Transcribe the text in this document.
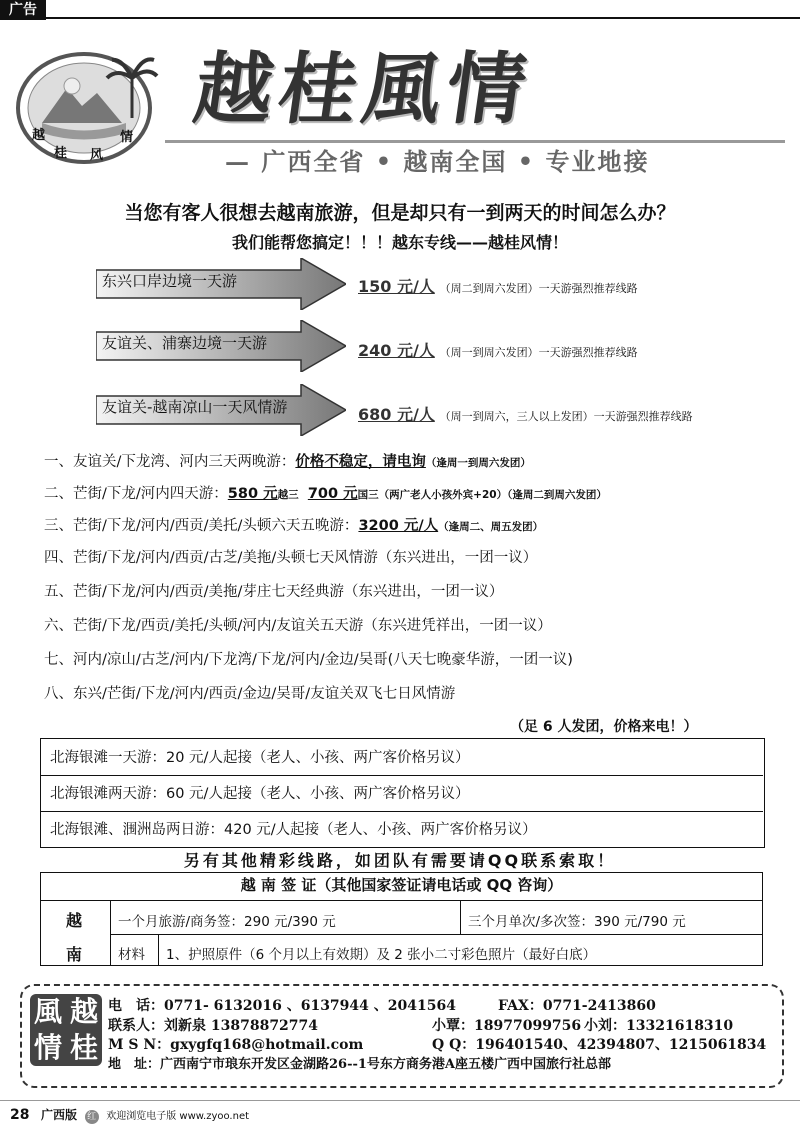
广告
越
桂 风
情
越桂風情
— 广西全省 • 越南全国 • 专业地接
当您有客人很想去越南旅游，但是却只有一到两天的时间怎么办？
我们能帮您搞定！！！越东专线——越桂风情！
东兴口岸边境一天游	150 元/人 （周二到周六发团）一天游强烈推荐线路
友谊关、浦寨边境一天游	240 元/人 （周一到周六发团）一天游强烈推荐线路
友谊关-越南凉山一天风情游	680 元/人 （周一到周六，三人以上发团）一天游强烈推荐线路
一、友谊关/下龙湾、河内三天两晚游：价格不稳定，请电询（逢周一到周六发团）
二、芒街/下龙/河内四天游：580 元越三 700 元国三（两广老人小孩外宾+20）（逢周二到周六发团）
三、芒街/下龙/河内/西贡/美托/头顿六天五晚游：3200 元/人（逢周二、周五发团）
四、芒街/下龙/河内/西贡/古芝/美拖/头顿七天风情游（东兴进出，一团一议）
五、芒街/下龙/河内/西贡/美拖/芽庄七天经典游（东兴进出，一团一议）
六、芒街/下龙/西贡/美托/头顿/河内/友谊关五天游（东兴进凭祥出，一团一议）
七、河内/凉山/古芝/河内/下龙湾/下龙/河内/金边/吴哥(八天七晚豪华游，一团一议)
八、东兴/芒街/下龙/河内/西贡/金边/吴哥/友谊关双飞七日风情游
（足 6 人发团，价格来电！）
北海银滩一天游：20 元/人起接（老人、小孩、两广客价格另议）
北海银滩两天游：60 元/人起接（老人、小孩、两广客价格另议）
北海银滩、涠洲岛两日游：420 元/人起接（老人、小孩、两广客价格另议）
另有其他精彩线路，如团队有需要请QQ联系索取！
越 南 签 证（其他国家签证请电话或 QQ 咨询）
越
南
一个月旅游/商务签：290 元/390 元	三个月单次/多次签：390 元/790 元
材料 1、护照原件（6 个月以上有效期）及 2 张小二寸彩色照片（最好白底）
風 越
情 桂
电　话：0771- 6132016 、6137944 、2041564	FAX：0771-2413860
联系人：刘新泉 13878872774	小覃：18977099756 小刘：13321618310
M S N：gxygfq168@hotmail.com	Q Q：196401540、42394807、1215061834
地　址：广西南宁市琅东开发区金湖路26--1号东方商务港A座五楼广西中国旅行社总部
28 广西版 红 欢迎浏览电子版 www.zyoo.net
